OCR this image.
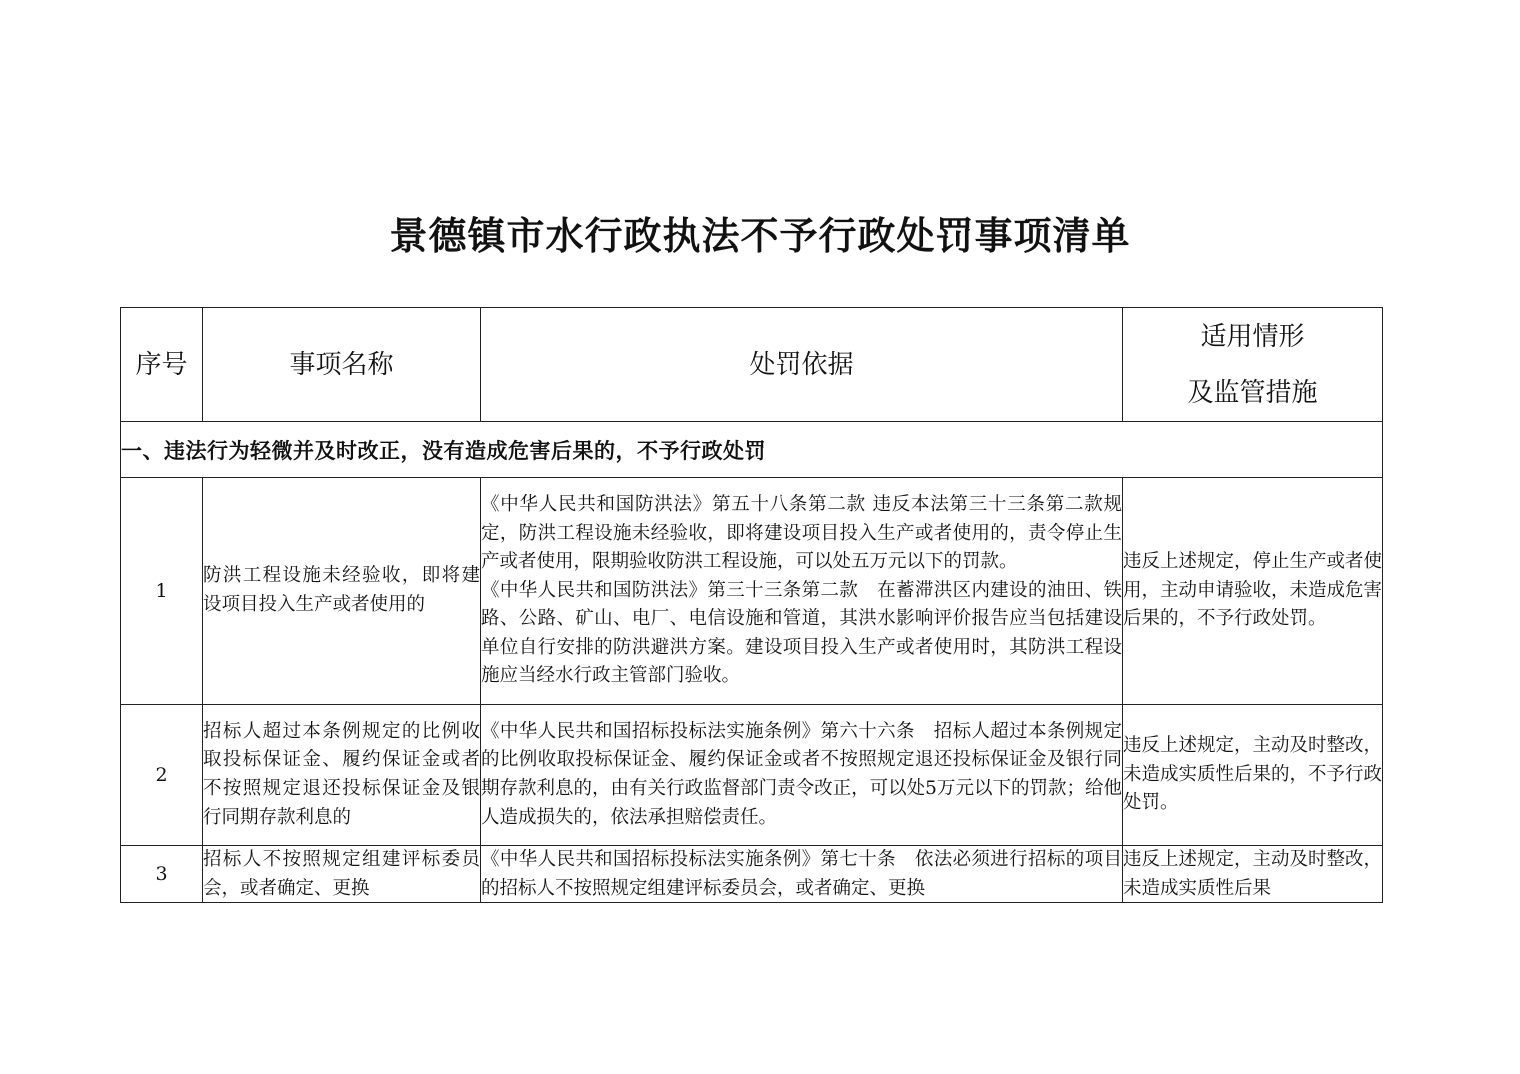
景德镇市水行政执法不予行政处罚事项清单
序号	事项名称	处罚依据	适用情形
及监管措施

一、违法行为轻微并及时改正，没有造成危害后果的，不予行政处罚			
1	防洪工程设施未经验收，即将建设项目投入生产或者使用的	《中华人民共和国防洪法》第五十八条第二款 违反本法第三十三条第二款规定，防洪工程设施未经验收，即将建设项目投入生产或者使用的，责令停止生产或者使用，限期验收防洪工程设施，可以处五万元以下的罚款。
《中华人民共和国防洪法》第三十三条第二款　在蓄滞洪区内建设的油田、铁路、公路、矿山、电厂、电信设施和管道，其洪水影响评价报告应当包括建设单位自行安排的防洪避洪方案。建设项目投入生产或者使用时，其防洪工程设施应当经水行政主管部门验收。	违反上述规定，停止生产或者使用，主动申请验收，未造成危害后果的，不予行政处罚。
2	招标人超过本条例规定的比例收取投标保证金、履约保证金或者不按照规定退还投标保证金及银行同期存款利息的	《中华人民共和国招标投标法实施条例》第六十六条　招标人超过本条例规定的比例收取投标保证金、履约保证金或者不按照规定退还投标保证金及银行同期存款利息的，由有关行政监督部门责令改正，可以处5万元以下的罚款；给他人造成损失的，依法承担赔偿责任。	违反上述规定，主动及时整改，未造成实质性后果的，不予行政处罚。
3	招标人不按照规定组建评标委员会，或者确定、更换	《中华人民共和国招标投标法实施条例》第七十条　依法必须进行招标的项目的招标人不按照规定组建评标委员会，或者确定、更换	违反上述规定，主动及时整改，未造成实质性后果
